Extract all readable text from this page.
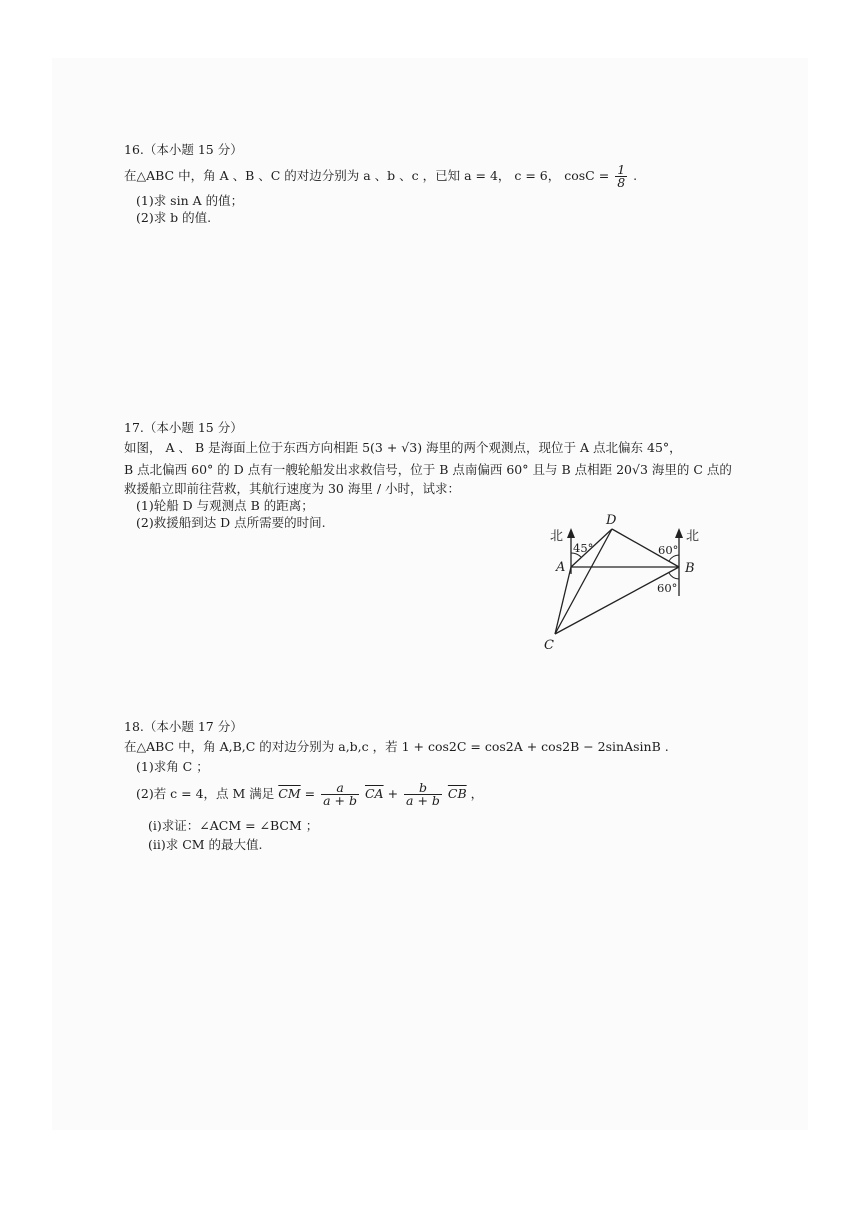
16.（本小题 15 分）
在△ABC 中，角 A 、B 、C 的对边分别为 a 、b 、c ，已知 a = 4， c = 6， $\cos C = \frac{1}{8}$ .
(1)求 sin A 的值；
(2)求 b 的值.
17.（本小题 15 分）
如图， A 、 B 是海面上位于东西方向相距 5(3 + √3) 海里的两个观测点，现位于 A 点北偏东 45°，
B 点北偏西 60° 的 D 点有一艘轮船发出求救信号，位于 B 点南偏西 60° 且与 B 点相距 20√3 海里的 C 点的
救援船立即前往营救，其航行速度为 30 海里 / 小时，试求：
(1)轮船 D 与观测点 B 的距离；
(2)救援船到达 D 点所需要的时间.
北	北
A	B
C
D
45°	60°
60°
18.（本小题 17 分）
在△ABC 中，角 A,B,C 的对边分别为 a,b,c ，若 1 + cos2C = cos2A + cos2B − 2sinAsinB .
(1)求角 C ；
(2)若 c = 4，点 M 满足 $\overline{CM} = \frac{a}{a + b} \overline{CA} + \frac{b}{a + b} \overline{CB}$ ，
(i)求证：∠ACM = ∠BCM ；
(ii)求 CM 的最大值.
